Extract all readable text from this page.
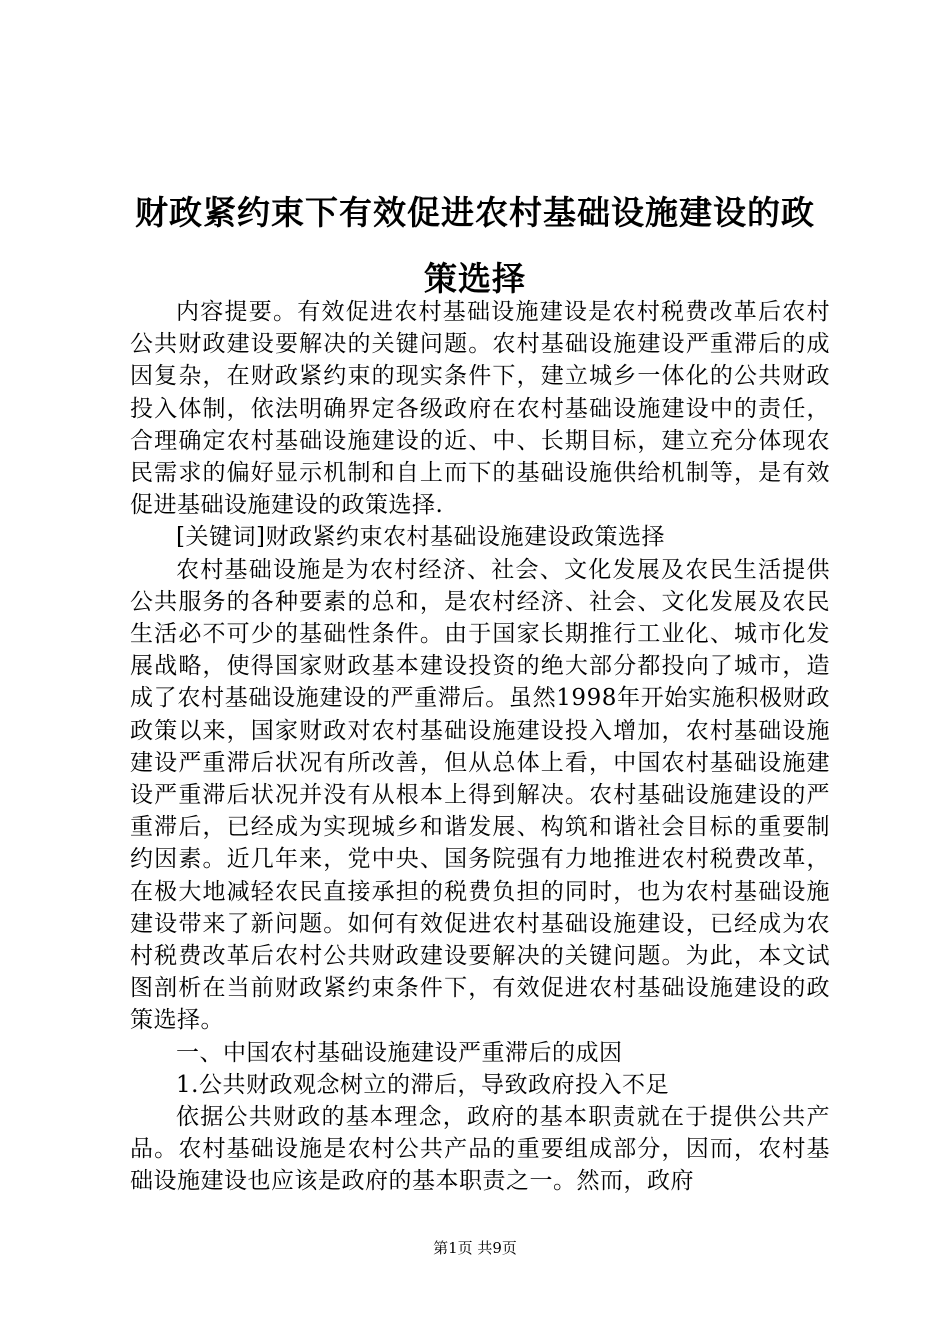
财政紧约束下有效促进农村基础设施建设的政策选择

内容提要。有效促进农村基础设施建设是农村税费改革后农村公共财政建设要解决的关键问题。农村基础设施建设严重滞后的成因复杂，在财政紧约束的现实条件下，建立城乡一体化的公共财政投入体制，依法明确界定各级政府在农村基础设施建设中的责任，合理确定农村基础设施建设的近、中、长期目标，建立充分体现农民需求的偏好显示机制和自上而下的基础设施供给机制等，是有效促进基础设施建设的政策选择.

[关键词]财政紧约束农村基础设施建设政策选择

农村基础设施是为农村经济、社会、文化发展及农民生活提供公共服务的各种要素的总和，是农村经济、社会、文化发展及农民生活必不可少的基础性条件。由于国家长期推行工业化、城市化发展战略，使得国家财政基本建设投资的绝大部分都投向了城市，造成了农村基础设施建设的严重滞后。虽然1998年开始实施积极财政政策以来，国家财政对农村基础设施建设投入增加，农村基础设施建设严重滞后状况有所改善，但从总体上看，中国农村基础设施建设严重滞后状况并没有从根本上得到解决。农村基础设施建设的严重滞后，已经成为实现城乡和谐发展、构筑和谐社会目标的重要制约因素。近几年来，党中央、国务院强有力地推进农村税费改革，在极大地减轻农民直接承担的税费负担的同时，也为农村基础设施建设带来了新问题。如何有效促进农村基础设施建设，已经成为农村税费改革后农村公共财政建设要解决的关键问题。为此，本文试图剖析在当前财政紧约束条件下，有效促进农村基础设施建设的政策选择。

一、中国农村基础设施建设严重滞后的成因

1.公共财政观念树立的滞后，导致政府投入不足

依据公共财政的基本理念，政府的基本职责就在于提供公共产品。农村基础设施是农村公共产品的重要组成部分，因而，农村基础设施建设也应该是政府的基本职责之一。然而，政府

第1页 共9页
